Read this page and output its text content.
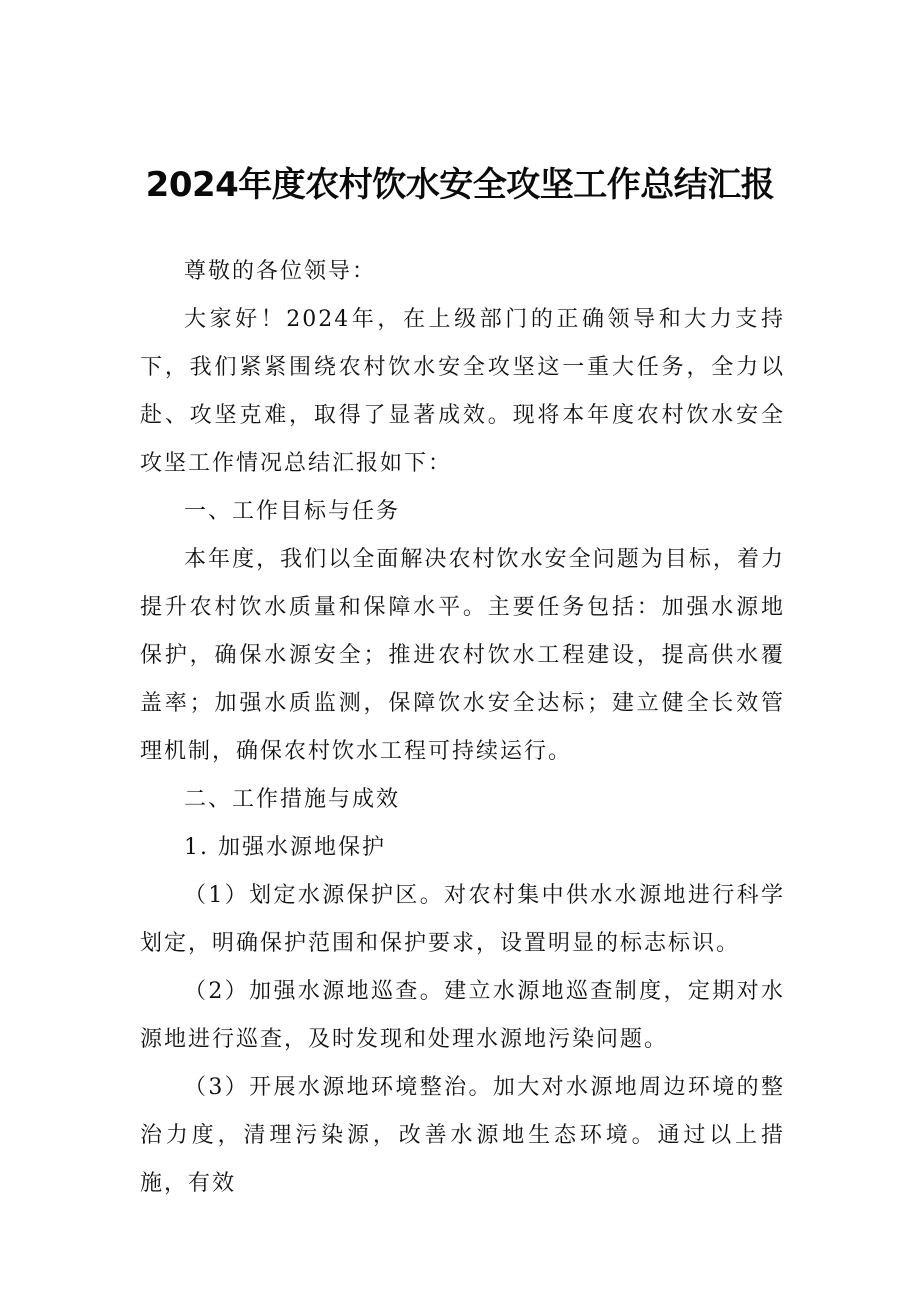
2024年度农村饮水安全攻坚工作总结汇报

尊敬的各位领导：

大家好！2024年，在上级部门的正确领导和大力支持下，我们紧紧围绕农村饮水安全攻坚这一重大任务，全力以赴、攻坚克难，取得了显著成效。现将本年度农村饮水安全攻坚工作情况总结汇报如下：

一、工作目标与任务

本年度，我们以全面解决农村饮水安全问题为目标，着力提升农村饮水质量和保障水平。主要任务包括：加强水源地保护，确保水源安全；推进农村饮水工程建设，提高供水覆盖率；加强水质监测，保障饮水安全达标；建立健全长效管理机制，确保农村饮水工程可持续运行。

二、工作措施与成效

1. 加强水源地保护

（1）划定水源保护区。对农村集中供水水源地进行科学划定，明确保护范围和保护要求，设置明显的标志标识。

（2）加强水源地巡查。建立水源地巡查制度，定期对水源地进行巡查，及时发现和处理水源地污染问题。

（3）开展水源地环境整治。加大对水源地周边环境的整治力度，清理污染源，改善水源地生态环境。通过以上措施，有效
